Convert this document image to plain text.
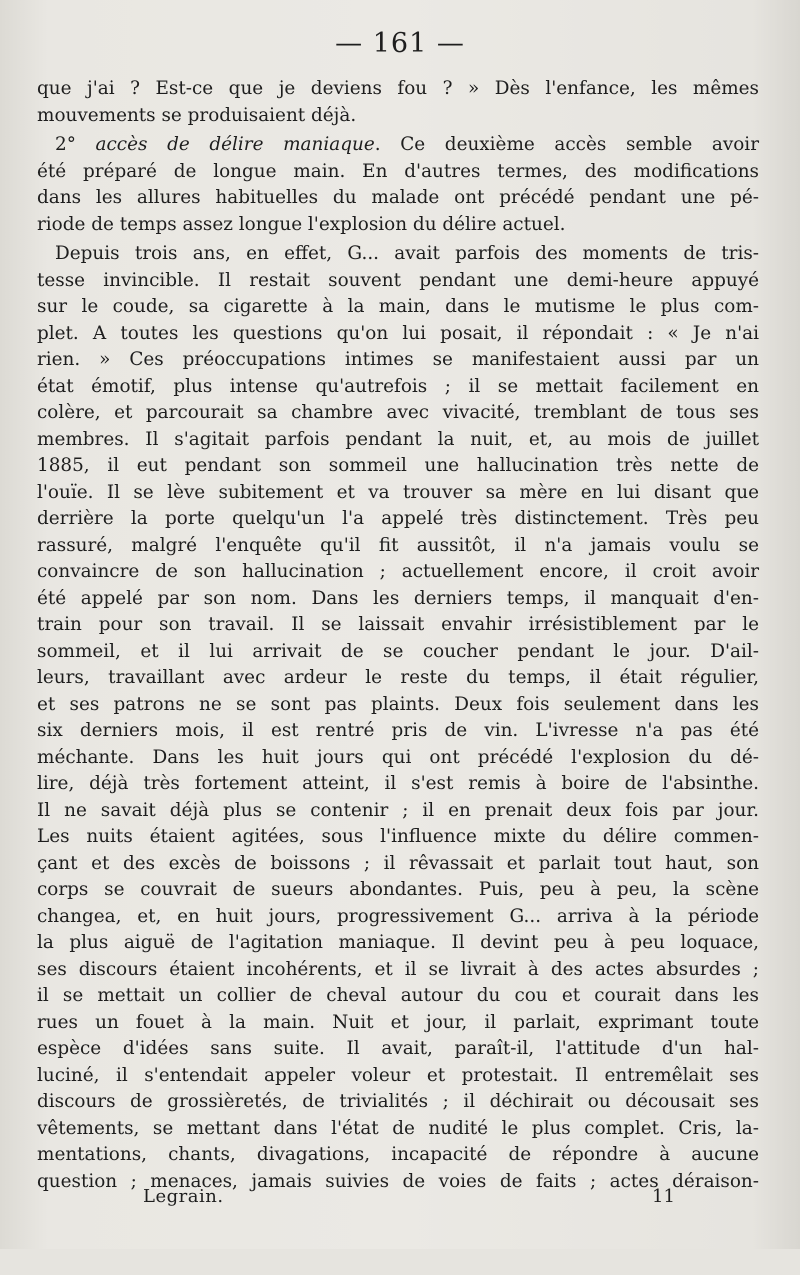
— 161 —
que j'ai ? Est-ce que je deviens fou ? » Dès l'enfance, les mêmes
mouvements se produisaient déjà.
2° accès de délire maniaque. Ce deuxième accès semble avoir
été préparé de longue main. En d'autres termes, des modifications
dans les allures habituelles du malade ont précédé pendant une pé-
riode de temps assez longue l'explosion du délire actuel.
Depuis trois ans, en effet, G... avait parfois des moments de tris-
tesse invincible. Il restait souvent pendant une demi-heure appuyé
sur le coude, sa cigarette à la main, dans le mutisme le plus com-
plet. A toutes les questions qu'on lui posait, il répondait : « Je n'ai
rien. » Ces préoccupations intimes se manifestaient aussi par un
état émotif, plus intense qu'autrefois ; il se mettait facilement en
colère, et parcourait sa chambre avec vivacité, tremblant de tous ses
membres. Il s'agitait parfois pendant la nuit, et, au mois de juillet
1885, il eut pendant son sommeil une hallucination très nette de
l'ouïe. Il se lève subitement et va trouver sa mère en lui disant que
derrière la porte quelqu'un l'a appelé très distinctement. Très peu
rassuré, malgré l'enquête qu'il fit aussitôt, il n'a jamais voulu se
convaincre de son hallucination ; actuellement encore, il croit avoir
été appelé par son nom. Dans les derniers temps, il manquait d'en-
train pour son travail. Il se laissait envahir irrésistiblement par le
sommeil, et il lui arrivait de se coucher pendant le jour. D'ail-
leurs, travaillant avec ardeur le reste du temps, il était régulier,
et ses patrons ne se sont pas plaints. Deux fois seulement dans les
six derniers mois, il est rentré pris de vin. L'ivresse n'a pas été
méchante. Dans les huit jours qui ont précédé l'explosion du dé-
lire, déjà très fortement atteint, il s'est remis à boire de l'absinthe.
Il ne savait déjà plus se contenir ; il en prenait deux fois par jour.
Les nuits étaient agitées, sous l'influence mixte du délire commen-
çant et des excès de boissons ; il rêvassait et parlait tout haut, son
corps se couvrait de sueurs abondantes. Puis, peu à peu, la scène
changea, et, en huit jours, progressivement G... arriva à la période
la plus aiguë de l'agitation maniaque. Il devint peu à peu loquace,
ses discours étaient incohérents, et il se livrait à des actes absurdes ;
il se mettait un collier de cheval autour du cou et courait dans les
rues un fouet à la main. Nuit et jour, il parlait, exprimant toute
espèce d'idées sans suite. Il avait, paraît-il, l'attitude d'un hal-
luciné, il s'entendait appeler voleur et protestait. Il entremêlait ses
discours de grossièretés, de trivialités ; il déchirait ou décousait ses
vêtements, se mettant dans l'état de nudité le plus complet. Cris, la-
mentations, chants, divagations, incapacité de répondre à aucune
question ; menaces, jamais suivies de voies de faits ; actes déraison-
Legrain.	11
